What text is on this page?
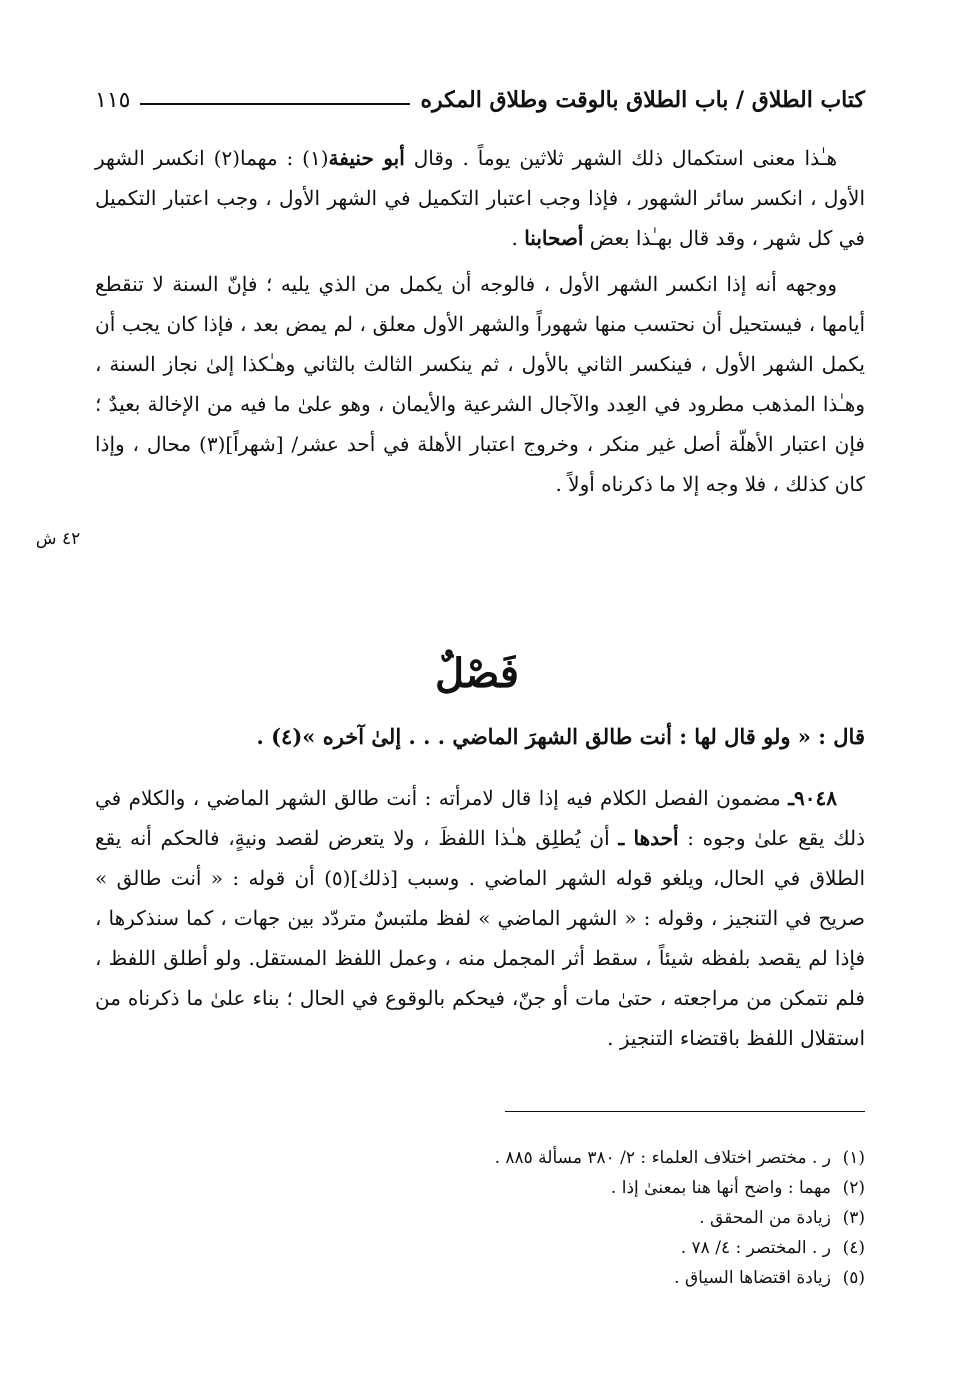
كتاب الطلاق / باب الطلاق بالوقت وطلاق المكره
١١٥

هـٰذا معنى استكمال ذلك الشهر ثلاثين يوماً . وقال أبو حنيفة(١) : مهما(٢) انكسر الشهر الأول ، انكسر سائر الشهور ، فإذا وجب اعتبار التكميل في الشهر الأول ، وجب اعتبار التكميل في كل شهر ، وقد قال بهـٰذا بعض أصحابنا .

ووجهه أنه إذا انكسر الشهر الأول ، فالوجه أن يكمل من الذي يليه ؛ فإنّ السنة لا تنقطع أيامها ، فيستحيل أن نحتسب منها شهوراً والشهر الأول معلق ، لم يمض بعد ، فإذا كان يجب أن يكمل الشهر الأول ، فينكسر الثاني بالأول ، ثم ينكسر الثالث بالثاني وهـٰكذا إلىٰ نجاز السنة ، وهـٰذا المذهب مطرود في العِدد والآجال الشرعية والأيمان ، وهو علىٰ ما فيه من الإخالة بعيدٌ ؛ فإن اعتبار الأهلّة أصل غير منكر ، وخروج اعتبار الأهلة في أحد عشر/ [شهراً](٣) محال ، وإذا كان كذلك ، فلا وجه إلا ما ذكرناه أولاً .

٤٢ ش
فَصْلٌ

قال : « ولو قال لها : أنت طالق الشهرَ الماضي . . . إلىٰ آخره »(٤) .

٩٠٤٨ـ مضمون الفصل الكلام فيه إذا قال لامرأته : أنت طالق الشهر الماضي ، والكلام في ذلك يقع علىٰ وجوه : أحدها ـ أن يُطلِق هـٰذا اللفظَ ، ولا يتعرض لقصد ونيةٍ، فالحكم أنه يقع الطلاق في الحال، ويلغو قوله الشهر الماضي . وسبب [ذلك](٥) أن قوله : « أنت طالق » صريح في التنجيز ، وقوله : « الشهر الماضي » لفظ ملتبسٌ متردّد بين جهات ، كما سنذكرها ، فإذا لم يقصد بلفظه شيئاً ، سقط أثر المجمل منه ، وعمل اللفظ المستقل. ولو أطلق اللفظ ، فلم نتمكن من مراجعته ، حتىٰ مات أو جنّ، فيحكم بالوقوع في الحال ؛ بناء علىٰ ما ذكرناه من استقلال اللفظ باقتضاء التنجيز .

(١)ر . مختصر اختلاف العلماء : ٢/ ٣٨٠ مسألة ٨٨٥ .
(٢)مهما : واضح أنها هنا بمعنىٰ إذا .
(٣)زيادة من المحقق .
(٤)ر . المختصر : ٤/ ٧٨ .
(٥)زيادة اقتضاها السياق .
